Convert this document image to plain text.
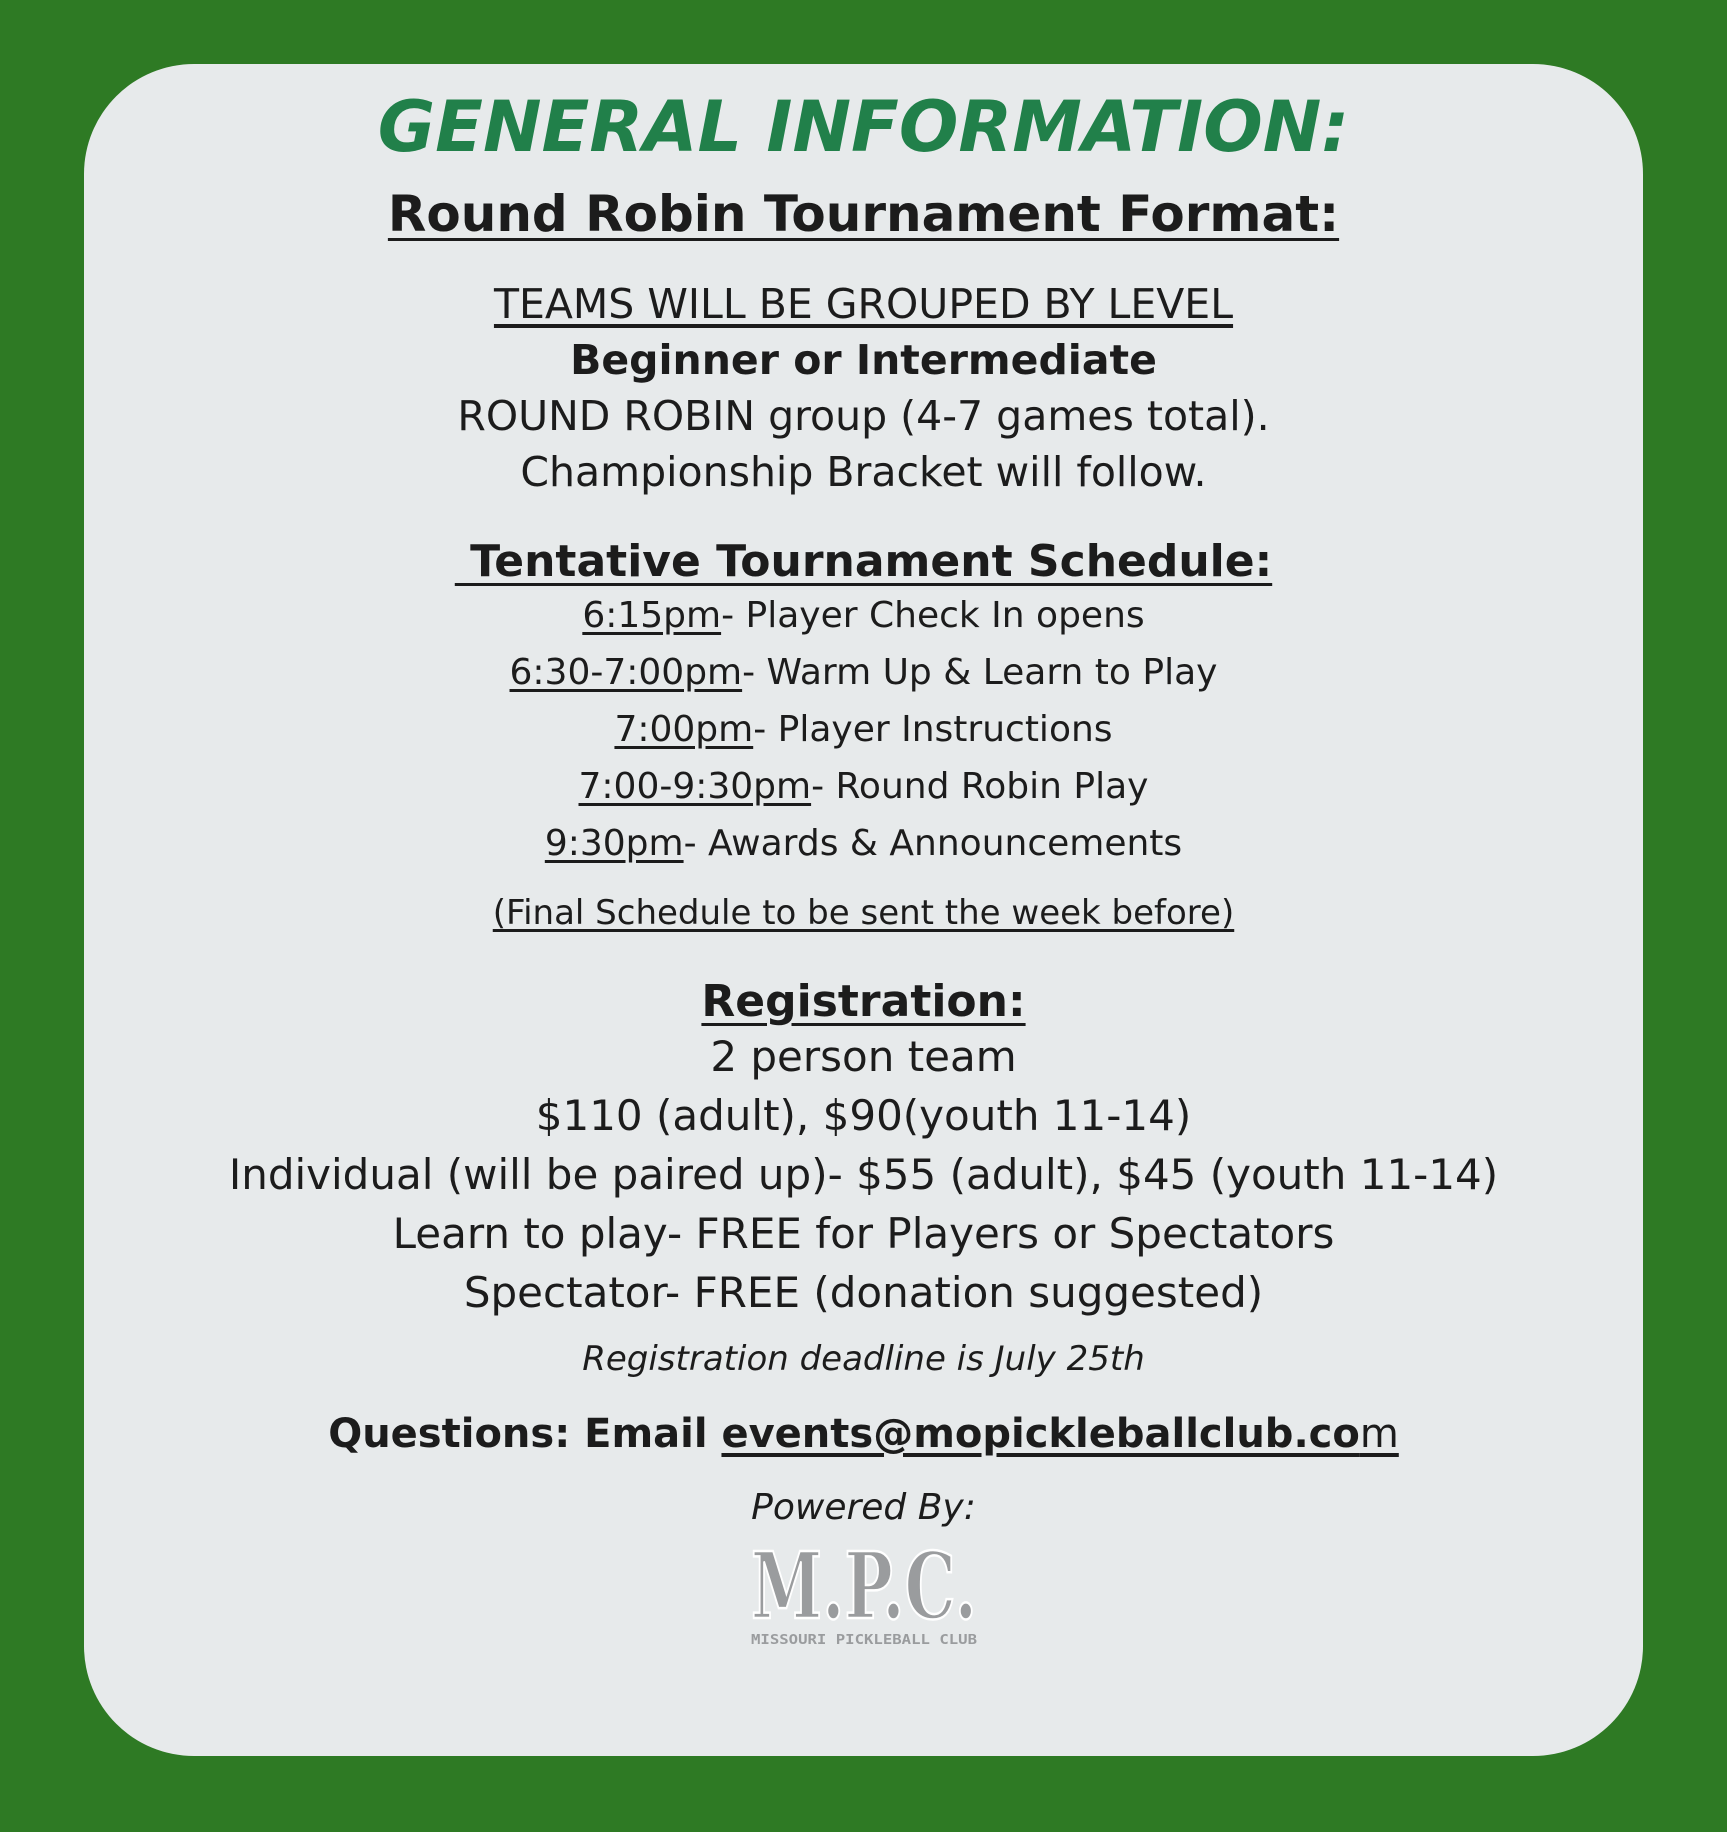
GENERAL INFORMATION:
Round Robin Tournament Format:
TEAMS WILL BE GROUPED BY LEVEL
Beginner or Intermediate
ROUND ROBIN group (4-7 games total).
Championship Bracket will follow.
Tentative Tournament Schedule:
6:15pm- Player Check In opens
6:30-7:00pm- Warm Up & Learn to Play
7:00pm- Player Instructions
7:00-9:30pm- Round Robin Play
9:30pm- Awards & Announcements
(Final Schedule to be sent the week before)
Registration:
2 person team
$110 (adult), $90(youth 11-14)
Individual (will be paired up)- $55 (adult), $45 (youth 11-14)
Learn to play- FREE for Players or Spectators
Spectator- FREE (donation suggested)
Registration deadline is July 25th
Questions: Email events@mopickleballclub.com
Powered By:
M.P.C.
MISSOURI PICKLEBALL CLUB
